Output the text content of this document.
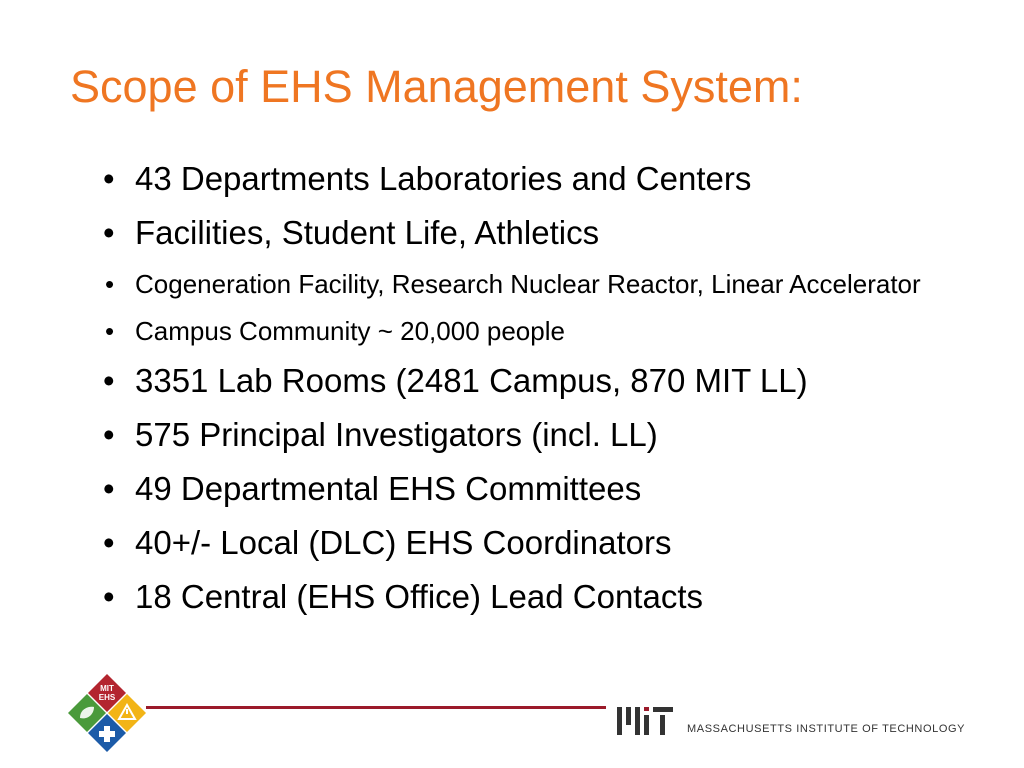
Scope of EHS Management System:
• 43 Departments Laboratories and Centers
• Facilities, Student Life, Athletics
• Cogeneration Facility, Research Nuclear Reactor, Linear Accelerator
• Campus Community ~ 20,000 people
• 3351 Lab Rooms (2481 Campus, 870 MIT LL)
• 575 Principal Investigators (incl. LL)
• 49 Departmental EHS Committees
• 40+/- Local (DLC) EHS Coordinators
• 18 Central (EHS Office) Lead Contacts
MIT
EHS
MASSACHUSETTS INSTITUTE OF TECHNOLOGY
